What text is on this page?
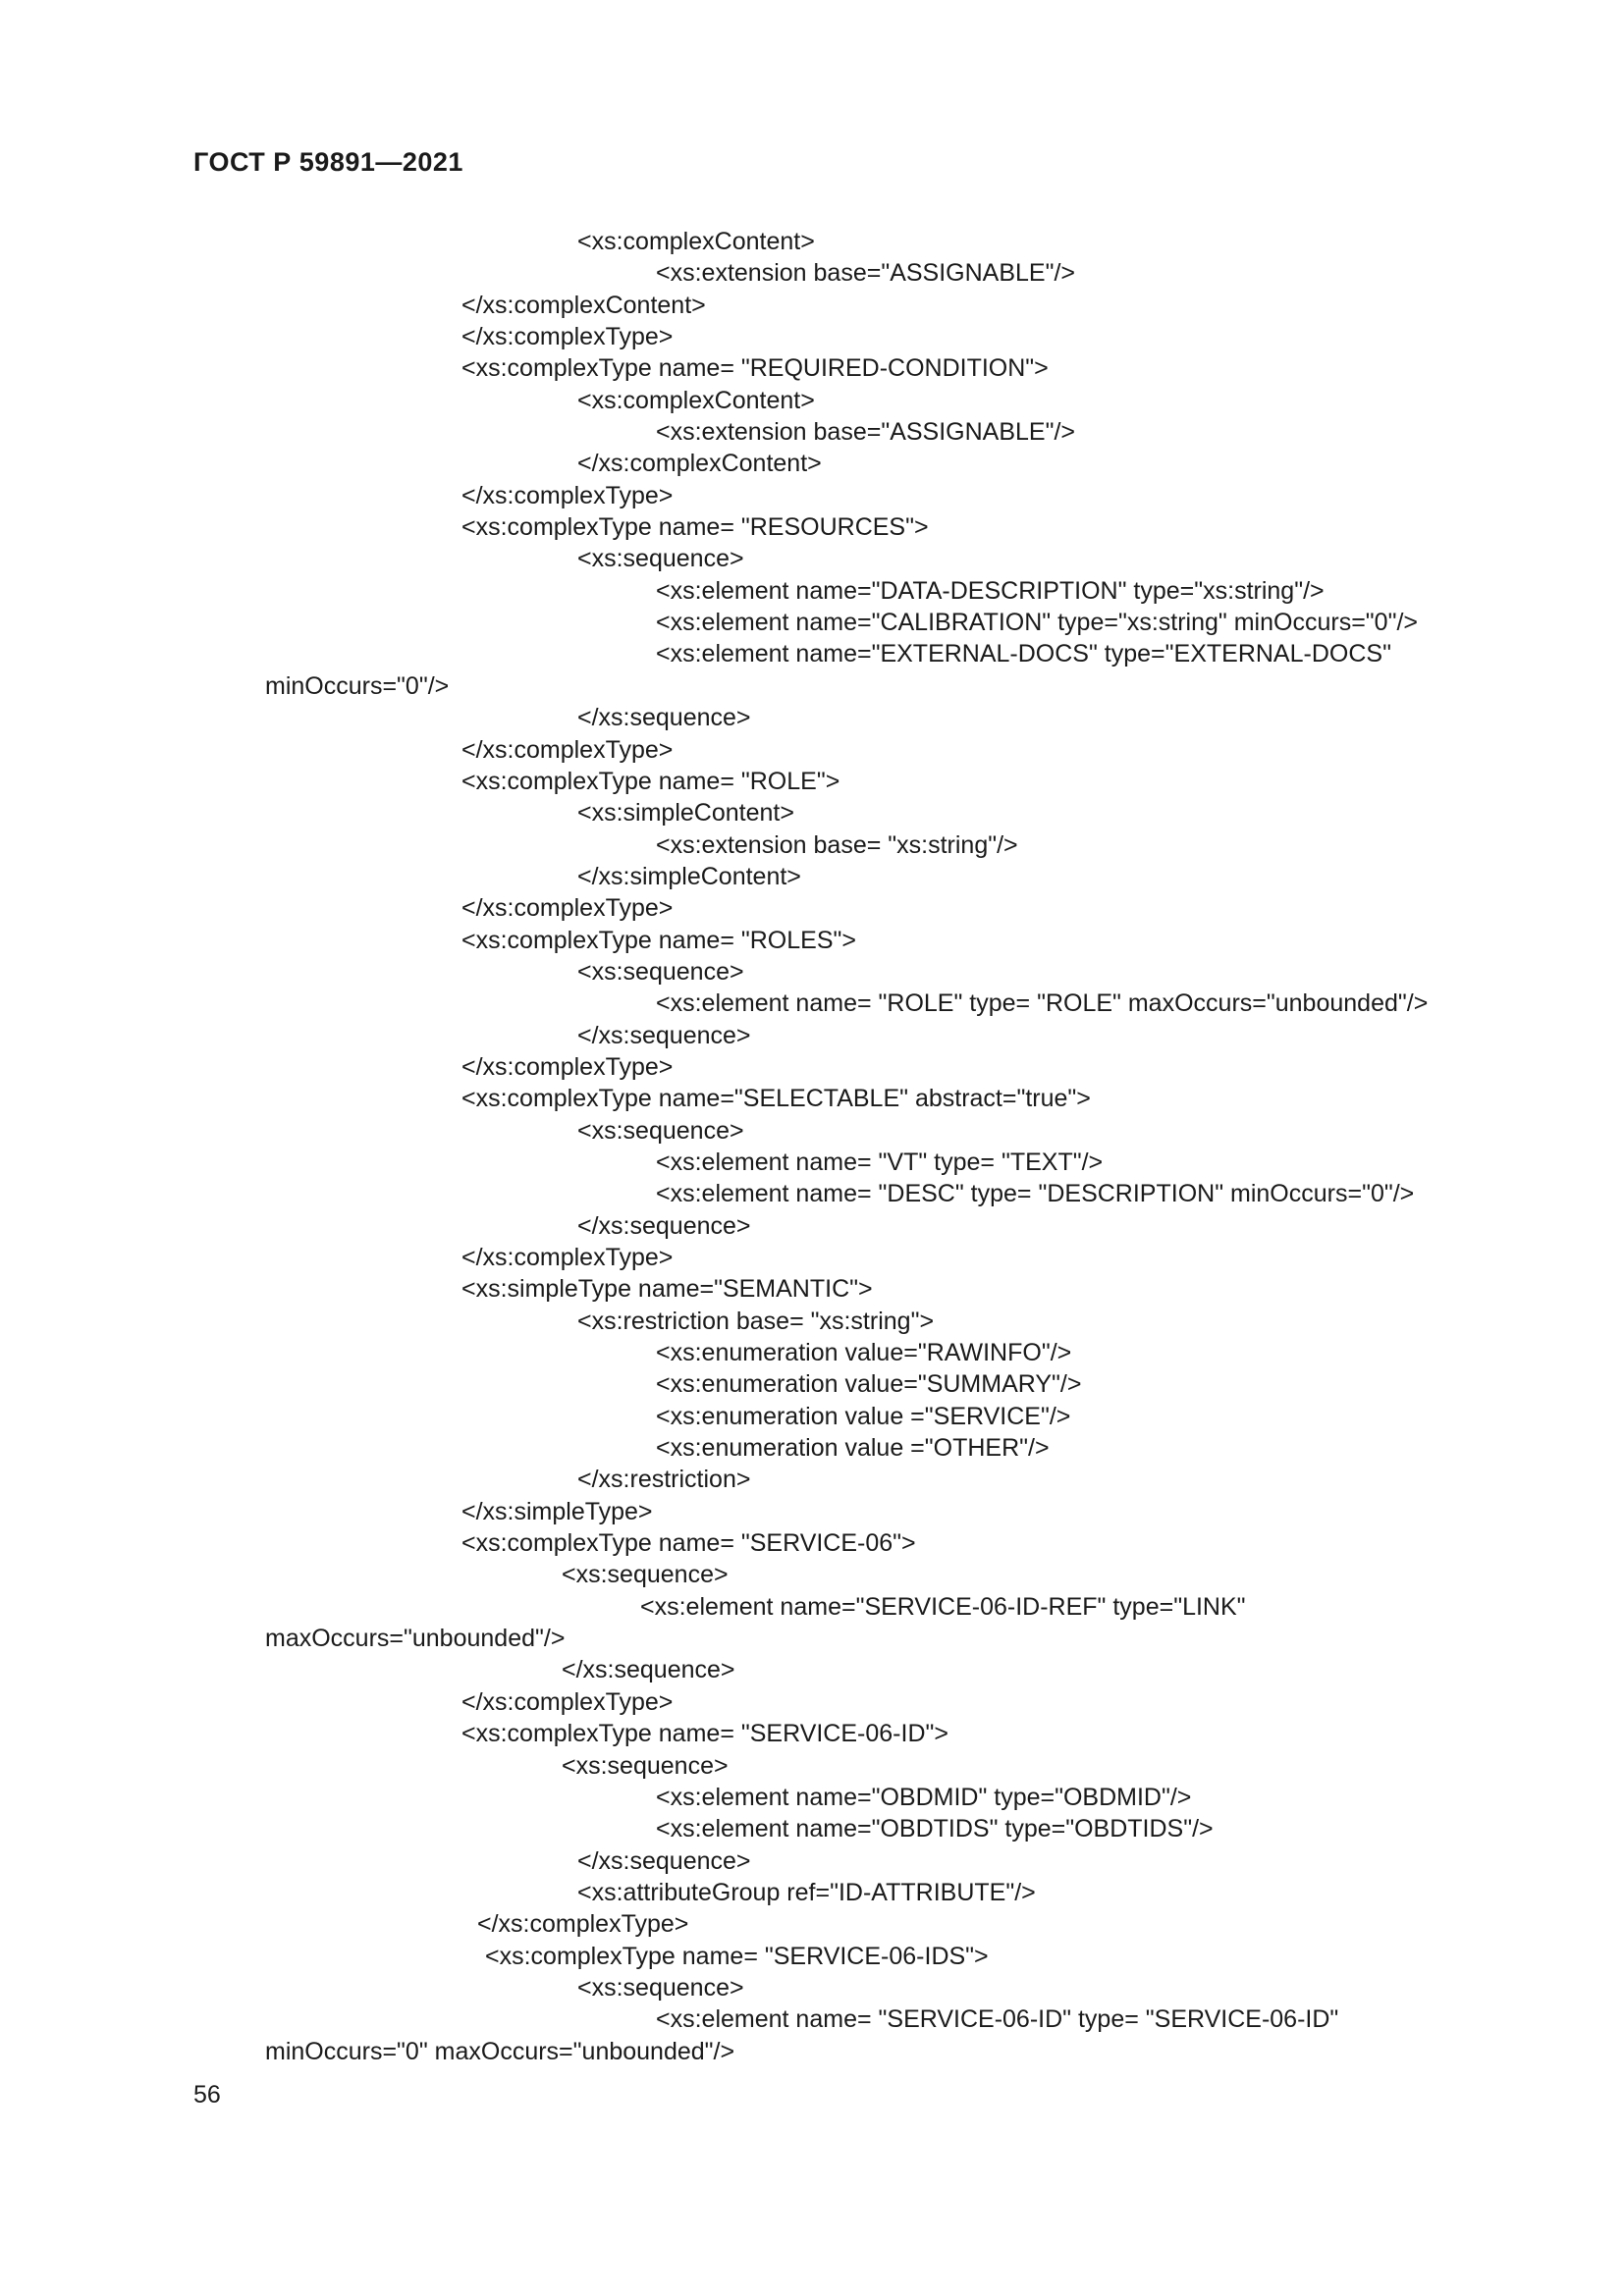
ГОСТ Р 59891—2021
<xs:complexContent>
<xs:extension base="ASSIGNABLE"/>
</xs:complexContent>
</xs:complexType>
<xs:complexType name= "REQUIRED-CONDITION">
<xs:complexContent>
<xs:extension base="ASSIGNABLE"/>
</xs:complexContent>
</xs:complexType>
<xs:complexType name= "RESOURCES">
<xs:sequence>
<xs:element name="DATA-DESCRIPTION" type="xs:string"/>
<xs:element name="CALIBRATION" type="xs:string" minOccurs="0"/>
<xs:element name="EXTERNAL-DOCS" type="EXTERNAL-DOCS"
minOccurs="0"/>
</xs:sequence>
</xs:complexType>
<xs:complexType name= "ROLE">
<xs:simpleContent>
<xs:extension base= "xs:string"/>
</xs:simpleContent>
</xs:complexType>
<xs:complexType name= "ROLES">
<xs:sequence>
<xs:element name= "ROLE" type= "ROLE" maxOccurs="unbounded"/>
</xs:sequence>
</xs:complexType>
<xs:complexType name="SELECTABLE" abstract="true">
<xs:sequence>
<xs:element name= "VT" type= "TEXT"/>
<xs:element name= "DESC" type= "DESCRIPTION" minOccurs="0"/>
</xs:sequence>
</xs:complexType>
<xs:simpleType name="SEMANTIC">
<xs:restriction base= "xs:string">
<xs:enumeration value="RAWINFO"/>
<xs:enumeration value="SUMMARY"/>
<xs:enumeration value ="SERVICE"/>
<xs:enumeration value ="OTHER"/>
</xs:restriction>
</xs:simpleType>
<xs:complexType name= "SERVICE-06">
<xs:sequence>
<xs:element name="SERVICE-06-ID-REF" type="LINK"
maxOccurs="unbounded"/>
</xs:sequence>
</xs:complexType>
<xs:complexType name= "SERVICE-06-ID">
<xs:sequence>
<xs:element name="OBDMID" type="OBDMID"/>
<xs:element name="OBDTIDS" type="OBDTIDS"/>
</xs:sequence>
<xs:attributeGroup ref="ID-ATTRIBUTE"/>
</xs:complexType>
<xs:complexType name= "SERVICE-06-IDS">
<xs:sequence>
<xs:element name= "SERVICE-06-ID" type= "SERVICE-06-ID"
minOccurs="0" maxOccurs="unbounded"/>
56
